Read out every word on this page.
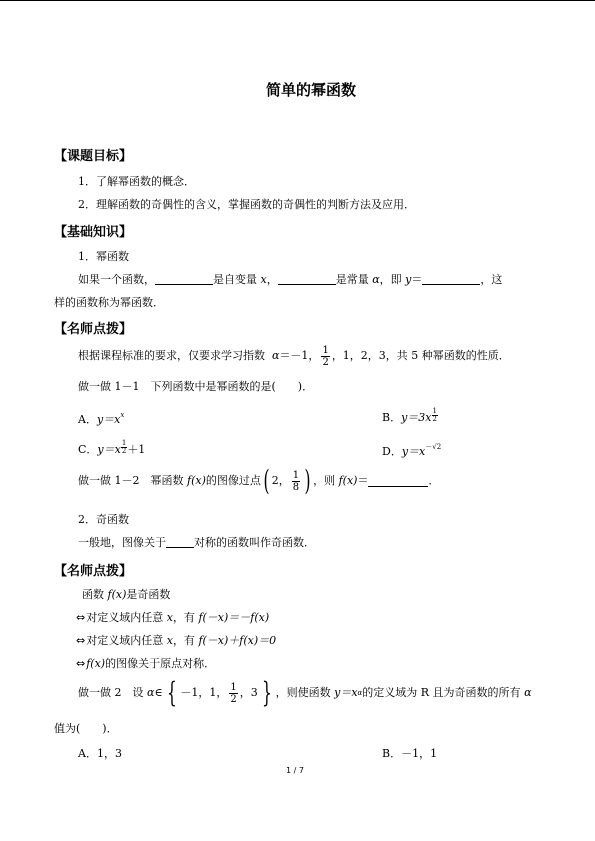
简单的幂函数
【课题目标】
1．了解幂函数的概念．
2．理解函数的奇偶性的含义，掌握函数的奇偶性的判断方法及应用．
【基础知识】
1．幂函数
如果一个函数，	是自变量 x，	是常量 α，即 y＝	，这
样的函数称为幂函数．
【名师点拨】
根据课程标准的要求，仅要求学习指数
α ＝－1， $\frac{1}{2}$ ，1，2，3，共 5 种幂函数的性质．
做一做 1－1　下列函数中是幂函数的是(　　)．
A．$y=x^x$	B．$y=3x \frac{1}{2}$
C．$y=x \frac{1}{2} +1$	D．$y=x^{-√2}$
做一做 1－2　幂函数
f(x) 的图像过点 ( 2， $\frac{1}{8}$ ) ，则
f(x) ＝	．
2．奇函数
一般地，图像关于	对称的函数叫作奇函数．
【名师点拨】
函数 f(x)是奇函数
⇔对定义域内任意 x，有 f(－x)＝－f(x)
⇔对定义域内任意 x，有 f(－x)＋f(x)＝0
⇔f(x)的图像关于原点对称．
做一做 2　设
α ∈ { －1，1， $\frac{1}{2}$ ，3 } ，则使函数
y＝x α 的定义域为 R 且为奇函数的所有
α
值为(　　)．
A．1，3	B．－1，1
1 / 7
